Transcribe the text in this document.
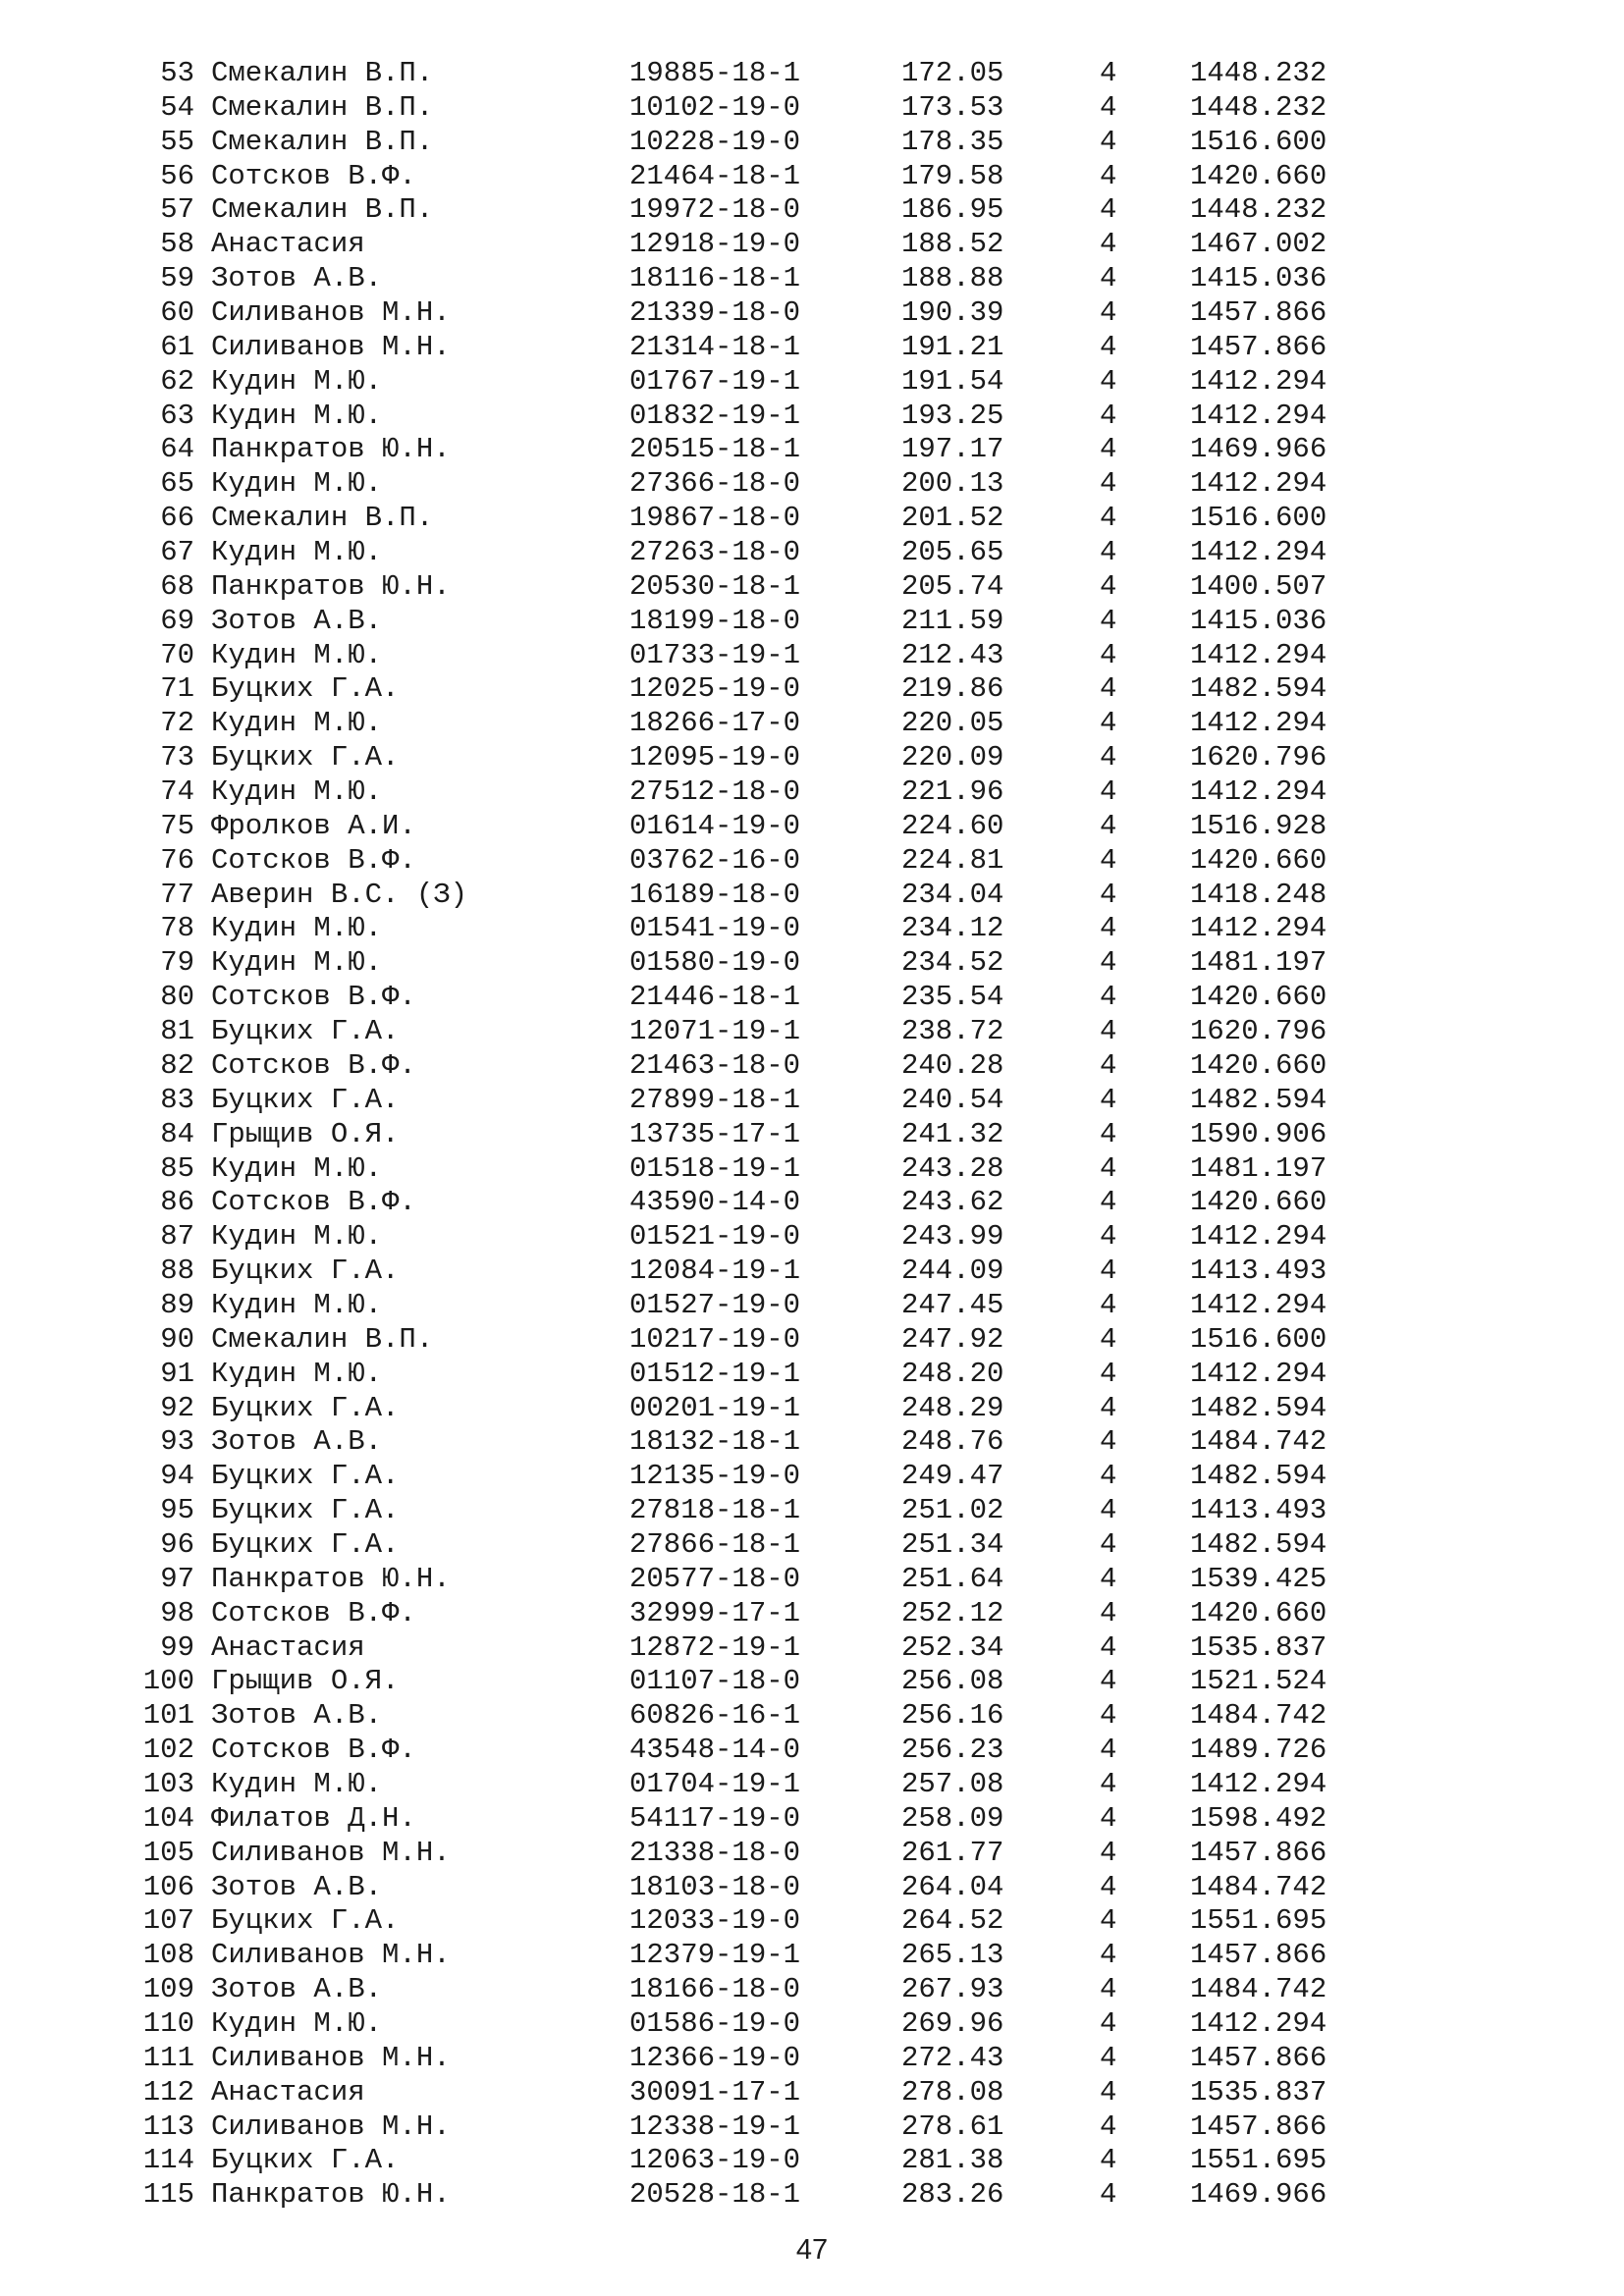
53 Смекалин В.П.	19885-18-1	172.05	4	1448.232
54 Смекалин В.П.	10102-19-0	173.53	4	1448.232
55 Смекалин В.П.	10228-19-0	178.35	4	1516.600
56 Сотсков В.Ф.	21464-18-1	179.58	4	1420.660
57 Смекалин В.П.	19972-18-0	186.95	4	1448.232
58 Анастасия	12918-19-0	188.52	4	1467.002
59 Зотов А.В.	18116-18-1	188.88	4	1415.036
60 Силиванов М.Н.	21339-18-0	190.39	4	1457.866
61 Силиванов М.Н.	21314-18-1	191.21	4	1457.866
62 Кудин М.Ю.	01767-19-1	191.54	4	1412.294
63 Кудин М.Ю.	01832-19-1	193.25	4	1412.294
64 Панкратов Ю.Н.	20515-18-1	197.17	4	1469.966
65 Кудин М.Ю.	27366-18-0	200.13	4	1412.294
66 Смекалин В.П.	19867-18-0	201.52	4	1516.600
67 Кудин М.Ю.	27263-18-0	205.65	4	1412.294
68 Панкратов Ю.Н.	20530-18-1	205.74	4	1400.507
69 Зотов А.В.	18199-18-0	211.59	4	1415.036
70 Кудин М.Ю.	01733-19-1	212.43	4	1412.294
71 Буцких Г.А.	12025-19-0	219.86	4	1482.594
72 Кудин М.Ю.	18266-17-0	220.05	4	1412.294
73 Буцких Г.А.	12095-19-0	220.09	4	1620.796
74 Кудин М.Ю.	27512-18-0	221.96	4	1412.294
75 Фролков А.И.	01614-19-0	224.60	4	1516.928
76 Сотсков В.Ф.	03762-16-0	224.81	4	1420.660
77 Аверин В.С. (З)	16189-18-0	234.04	4	1418.248
78 Кудин М.Ю.	01541-19-0	234.12	4	1412.294
79 Кудин М.Ю.	01580-19-0	234.52	4	1481.197
80 Сотсков В.Ф.	21446-18-1	235.54	4	1420.660
81 Буцких Г.А.	12071-19-1	238.72	4	1620.796
82 Сотсков В.Ф.	21463-18-0	240.28	4	1420.660
83 Буцких Г.А.	27899-18-1	240.54	4	1482.594
84 Грыщив О.Я.	13735-17-1	241.32	4	1590.906
85 Кудин М.Ю.	01518-19-1	243.28	4	1481.197
86 Сотсков В.Ф.	43590-14-0	243.62	4	1420.660
87 Кудин М.Ю.	01521-19-0	243.99	4	1412.294
88 Буцких Г.А.	12084-19-1	244.09	4	1413.493
89 Кудин М.Ю.	01527-19-0	247.45	4	1412.294
90 Смекалин В.П.	10217-19-0	247.92	4	1516.600
91 Кудин М.Ю.	01512-19-1	248.20	4	1412.294
92 Буцких Г.А.	00201-19-1	248.29	4	1482.594
93 Зотов А.В.	18132-18-1	248.76	4	1484.742
94 Буцких Г.А.	12135-19-0	249.47	4	1482.594
95 Буцких Г.А.	27818-18-1	251.02	4	1413.493
96 Буцких Г.А.	27866-18-1	251.34	4	1482.594
97 Панкратов Ю.Н.	20577-18-0	251.64	4	1539.425
98 Сотсков В.Ф.	32999-17-1	252.12	4	1420.660
99 Анастасия	12872-19-1	252.34	4	1535.837
100 Грыщив О.Я.	01107-18-0	256.08	4	1521.524
101 Зотов А.В.	60826-16-1	256.16	4	1484.742
102 Сотсков В.Ф.	43548-14-0	256.23	4	1489.726
103 Кудин М.Ю.	01704-19-1	257.08	4	1412.294
104 Филатов Д.Н.	54117-19-0	258.09	4	1598.492
105 Силиванов М.Н.	21338-18-0	261.77	4	1457.866
106 Зотов А.В.	18103-18-0	264.04	4	1484.742
107 Буцких Г.А.	12033-19-0	264.52	4	1551.695
108 Силиванов М.Н.	12379-19-1	265.13	4	1457.866
109 Зотов А.В.	18166-18-0	267.93	4	1484.742
110 Кудин М.Ю.	01586-19-0	269.96	4	1412.294
111 Силиванов М.Н.	12366-19-0	272.43	4	1457.866
112 Анастасия	30091-17-1	278.08	4	1535.837
113 Силиванов М.Н.	12338-19-1	278.61	4	1457.866
114 Буцких Г.А.	12063-19-0	281.38	4	1551.695
115 Панкратов Ю.Н.	20528-18-1	283.26	4	1469.966
47
